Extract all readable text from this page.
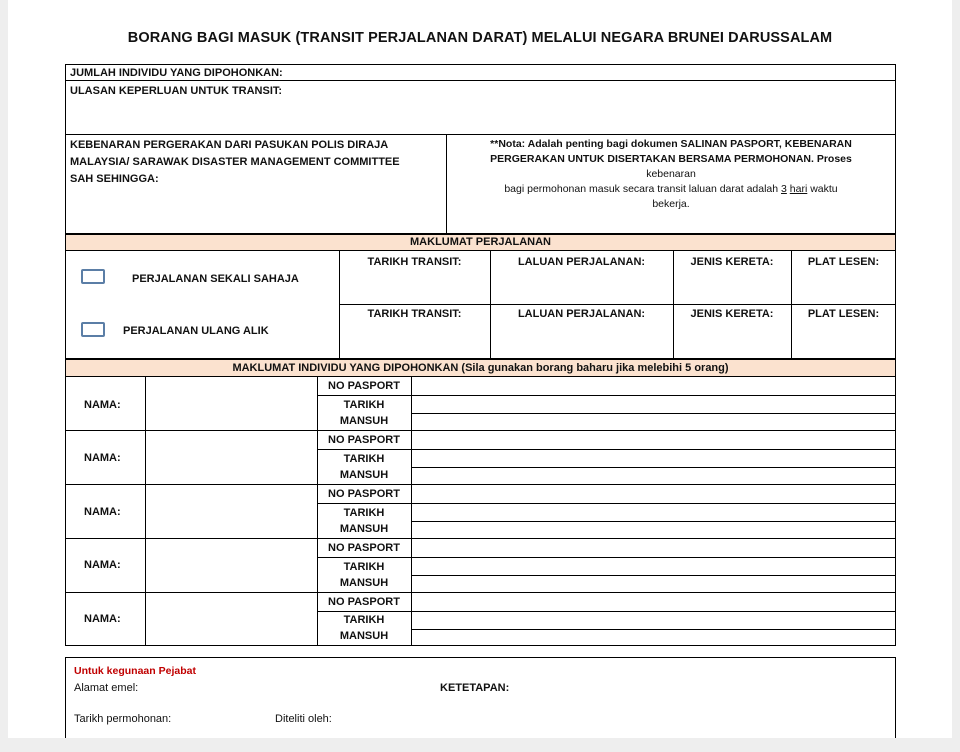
BORANG BAGI MASUK (TRANSIT PERJALANAN DARAT) MELALUI NEGARA BRUNEI DARUSSALAM
JUMLAH INDIVIDU YANG DIPOHONKAN:
ULASAN KEPERLUAN UNTUK TRANSIT:
KEBENARAN PERGERAKAN DARI PASUKAN POLIS DIRAJA
MALAYSIA/ SARAWAK DISASTER MANAGEMENT COMMITTEE
SAH SEHINGGA:
**Nota: Adalah penting bagi dokumen SALINAN PASPORT, KEBENARAN
PERGERAKAN UNTUK DISERTAKAN BERSAMA PERMOHONAN. Proses
kebenaran
bagi permohonan masuk secara transit laluan darat adalah 3 hari waktu
bekerja.
MAKLUMAT PERJALANAN
PERJALANAN SEKALI SAHAJA
TARIKH TRANSIT:	LALUAN PERJALANAN:	JENIS KERETA:	PLAT LESEN:
PERJALANAN ULANG ALIK
TARIKH TRANSIT:	LALUAN PERJALANAN:	JENIS KERETA:	PLAT LESEN:
MAKLUMAT INDIVIDU YANG DIPOHONKAN (Sila gunakan borang baharu jika melebihi 5 orang)
NAMA:
NO PASPORT
TARIKH
MANSUH
NAMA:
NO PASPORT
TARIKH
MANSUH
NAMA:
NO PASPORT
TARIKH
MANSUH
NAMA:
NO PASPORT
TARIKH
MANSUH
NAMA:
NO PASPORT
TARIKH
MANSUH
Untuk kegunaan Pejabat
Alamat emel:	KETETAPAN:
Tarikh permohonan:	Diteliti oleh:
